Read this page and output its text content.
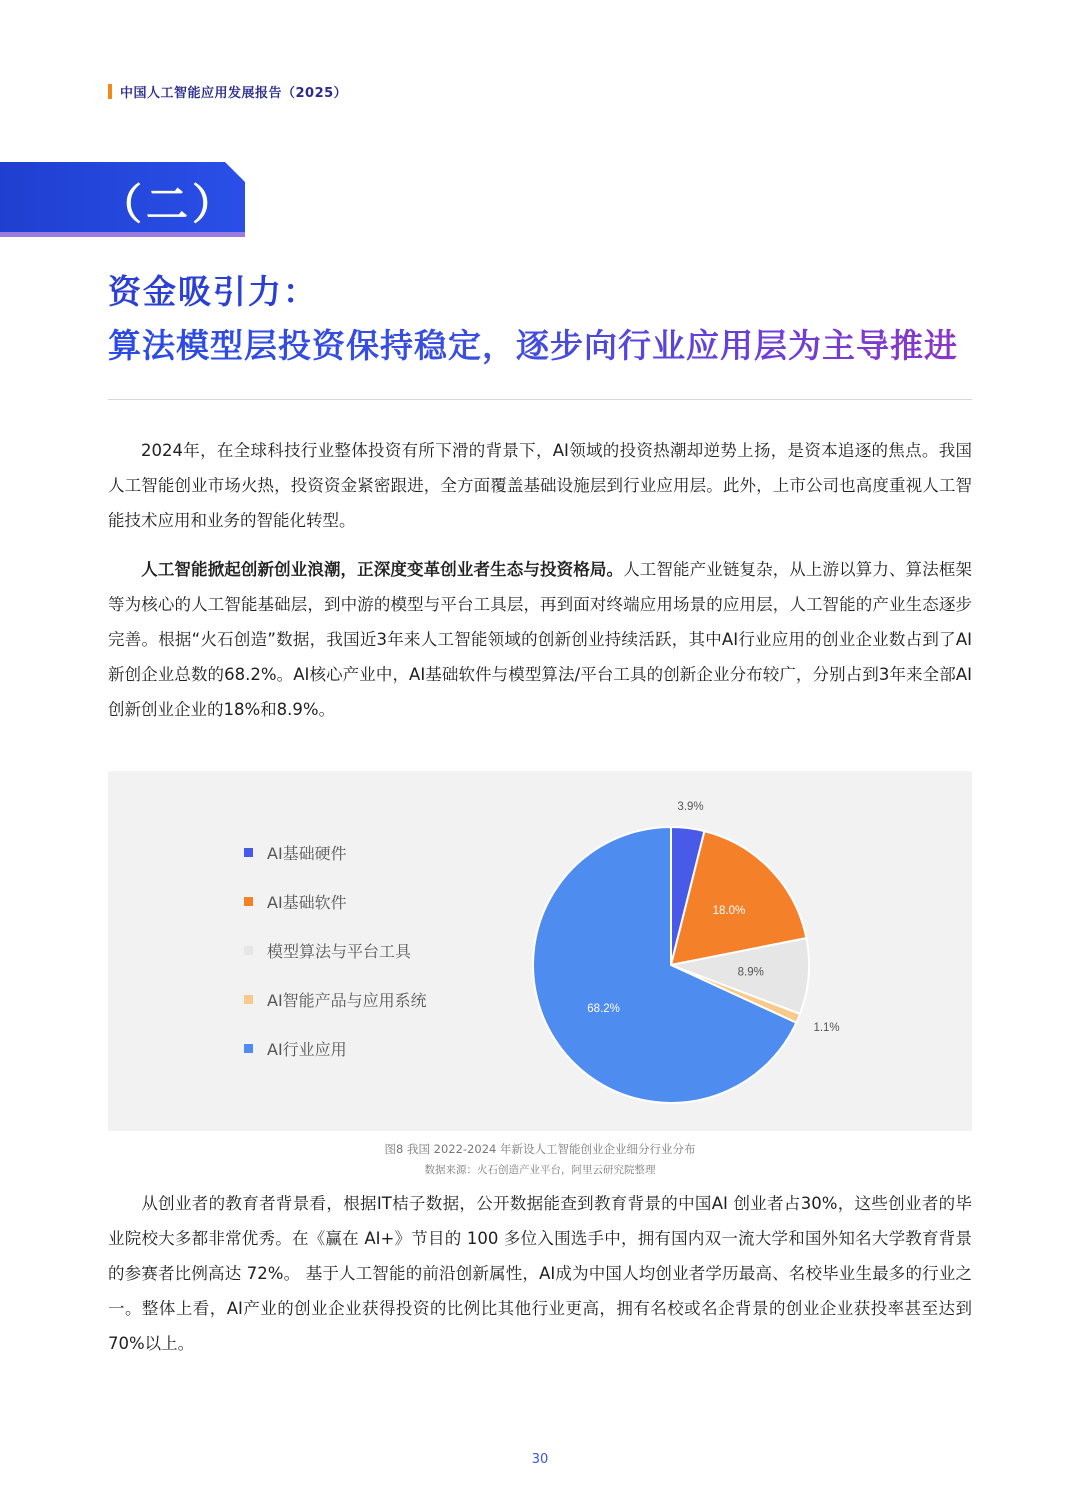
中国人工智能应用发展报告（2025）
（二）
资金吸引力：
算法模型层投资保持稳定，逐步向行业应用层为主导推进

2024年，在全球科技行业整体投资有所下滑的背景下，AI领域的投资热潮却逆势上扬，是资本追逐的焦点。我国人工智能创业市场火热，投资资金紧密跟进，全方面覆盖基础设施层到行业应用层。此外，上市公司也高度重视人工智能技术应用和业务的智能化转型。

人工智能掀起创新创业浪潮，正深度变革创业者生态与投资格局。人工智能产业链复杂，从上游以算力、算法框架等为核心的人工智能基础层，到中游的模型与平台工具层，再到面对终端应用场景的应用层，人工智能的产业生态逐步完善。根据“火石创造”数据，我国近3年来人工智能领域的创新创业持续活跃，其中AI行业应用的创业企业数占到了AI新创企业总数的68.2%。AI核心产业中，AI基础软件与模型算法/平台工具的创新企业分布较广，分别占到3年来全部AI创新创业企业的18%和8.9%。

AI基础硬件
AI基础软件
模型算法与平台工具
AI智能产品与应用系统
AI行业应用
3.9%
18.0%
8.9%
1.1%
68.2%
图8 我国 2022-2024 年新设人工智能创业企业细分行业分布
数据来源：火石创造产业平台，阿里云研究院整理

从创业者的教育者背景看，根据IT桔子数据，公开数据能查到教育背景的中国AI 创业者占30%，这些创业者的毕业院校大多都非常优秀。在《赢在 AI+》节目的 100 多位入围选手中，拥有国内双一流大学和国外知名大学教育背景的参赛者比例高达 72%。 基于人工智能的前沿创新属性，AI成为中国人均创业者学历最高、名校毕业生最多的行业之一。整体上看，AI产业的创业企业获得投资的比例比其他行业更高，拥有名校或名企背景的创业企业获投率甚至达到70%以上。

30
